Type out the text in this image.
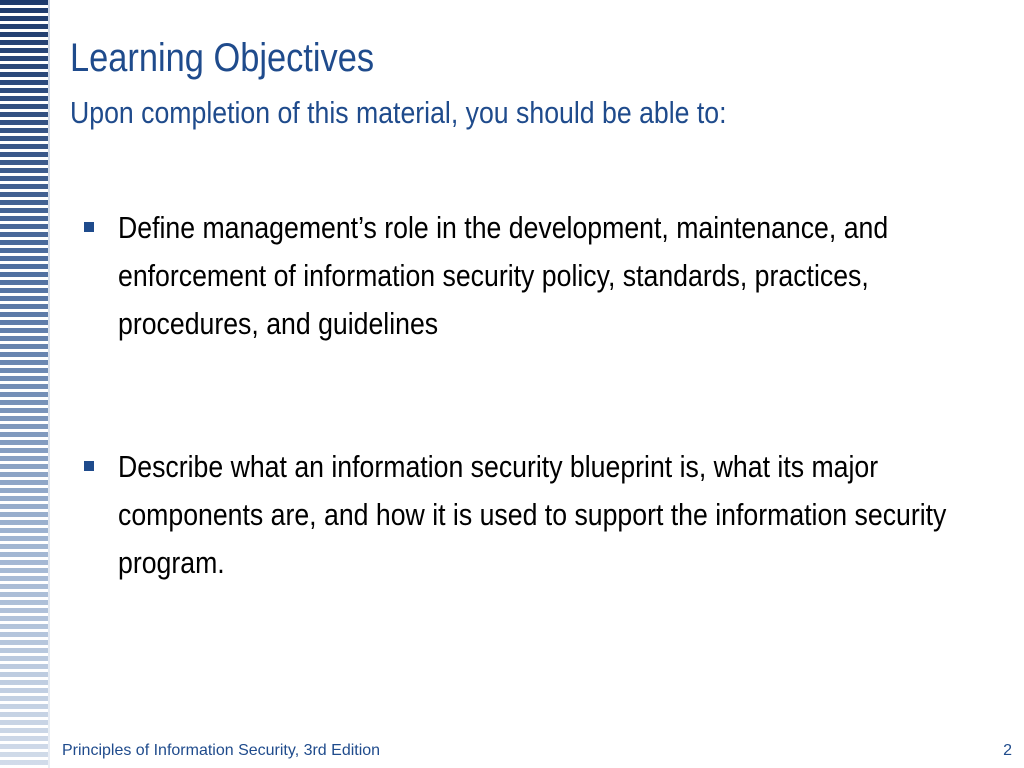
Learning Objectives
Upon completion of this material, you should be able to:
Define management’s role in the development, maintenance, and enforcement of information security policy, standards, practices, procedures, and guidelines
Describe what an information security blueprint is, what its major components are, and how it is used to support the information security program.
Principles of Information Security, 3rd Edition	2
